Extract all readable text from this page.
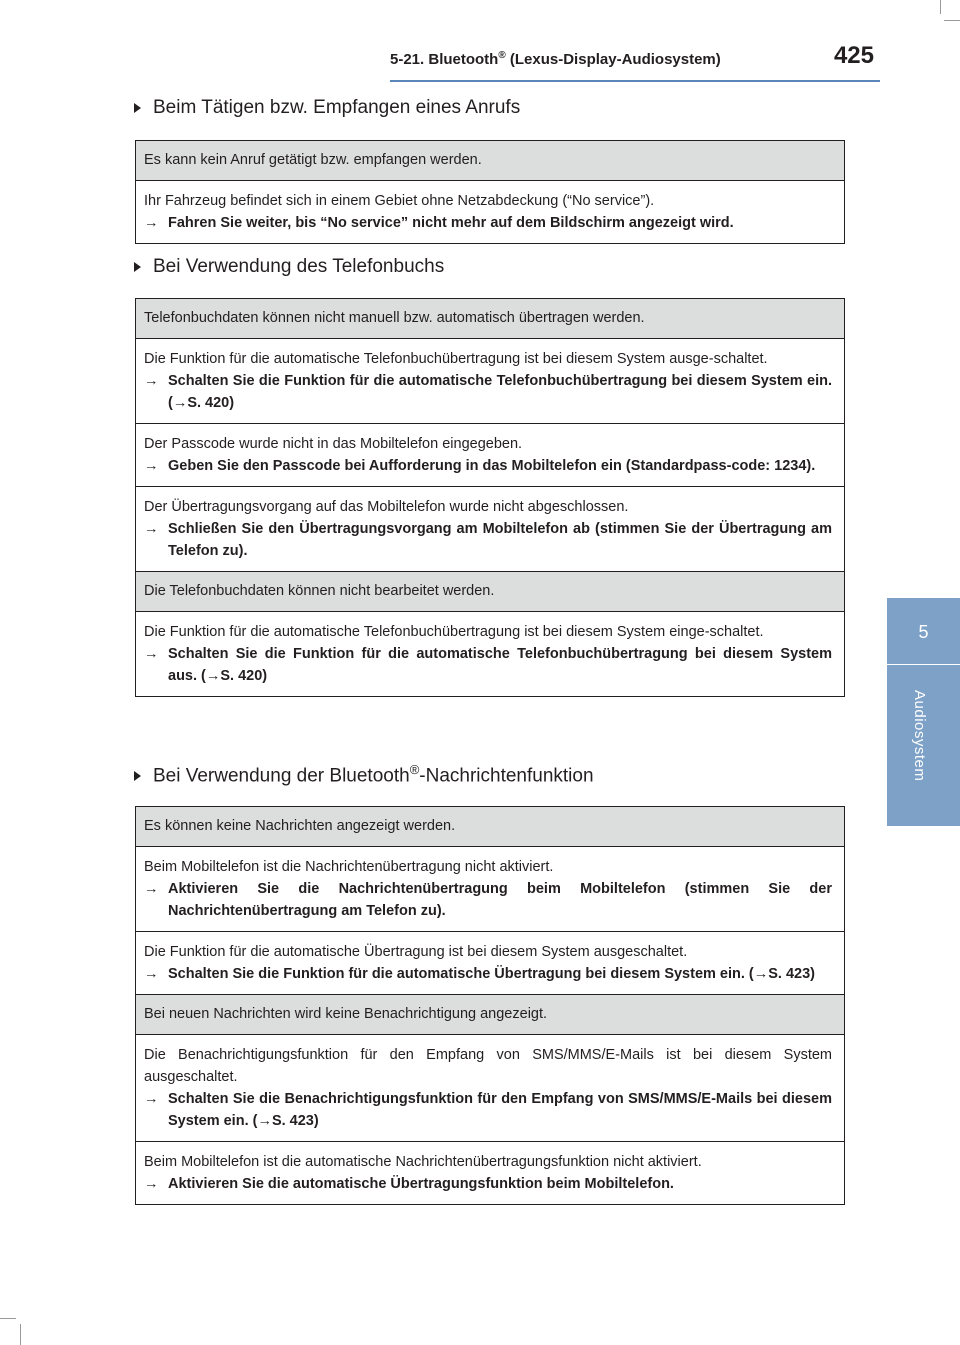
5-21. Bluetooth® (Lexus-Display-Audiosystem)	425
5
Audiosystem
Beim Tätigen bzw. Empfangen eines Anrufs
Es kann kein Anruf getätigt bzw. empfangen werden.
Ihr Fahrzeug befindet sich in einem Gebiet ohne Netzabdeckung (“No service”).
→ Fahren Sie weiter, bis “No service” nicht mehr auf dem Bildschirm angezeigt wird.
Bei Verwendung des Telefonbuchs
Telefonbuchdaten können nicht manuell bzw. automatisch übertragen werden.
Die Funktion für die automatische Telefonbuchübertragung ist bei diesem System ausge-schaltet.
→ Schalten Sie die Funktion für die automatische Telefonbuchübertragung bei diesem System ein. (→S. 420)
Der Passcode wurde nicht in das Mobiltelefon eingegeben.
→ Geben Sie den Passcode bei Aufforderung in das Mobiltelefon ein (Standardpass-code: 1234).
Der Übertragungsvorgang auf das Mobiltelefon wurde nicht abgeschlossen.
→ Schließen Sie den Übertragungsvorgang am Mobiltelefon ab (stimmen Sie der Übertragung am Telefon zu).
Die Telefonbuchdaten können nicht bearbeitet werden.
Die Funktion für die automatische Telefonbuchübertragung ist bei diesem System einge-schaltet.
→ Schalten Sie die Funktion für die automatische Telefonbuchübertragung bei diesem System aus. (→S. 420)
Bei Verwendung der Bluetooth®-Nachrichtenfunktion
Es können keine Nachrichten angezeigt werden.
Beim Mobiltelefon ist die Nachrichtenübertragung nicht aktiviert.
→ Aktivieren Sie die Nachrichtenübertragung beim Mobiltelefon (stimmen Sie der Nachrichtenübertragung am Telefon zu).
Die Funktion für die automatische Übertragung ist bei diesem System ausgeschaltet.
→ Schalten Sie die Funktion für die automatische Übertragung bei diesem System ein. (→S. 423)
Bei neuen Nachrichten wird keine Benachrichtigung angezeigt.
Die Benachrichtigungsfunktion für den Empfang von SMS/MMS/E-Mails ist bei diesem System ausgeschaltet.
→ Schalten Sie die Benachrichtigungsfunktion für den Empfang von SMS/MMS/E-Mails bei diesem System ein. (→S. 423)
Beim Mobiltelefon ist die automatische Nachrichtenübertragungsfunktion nicht aktiviert.
→ Aktivieren Sie die automatische Übertragungsfunktion beim Mobiltelefon.
